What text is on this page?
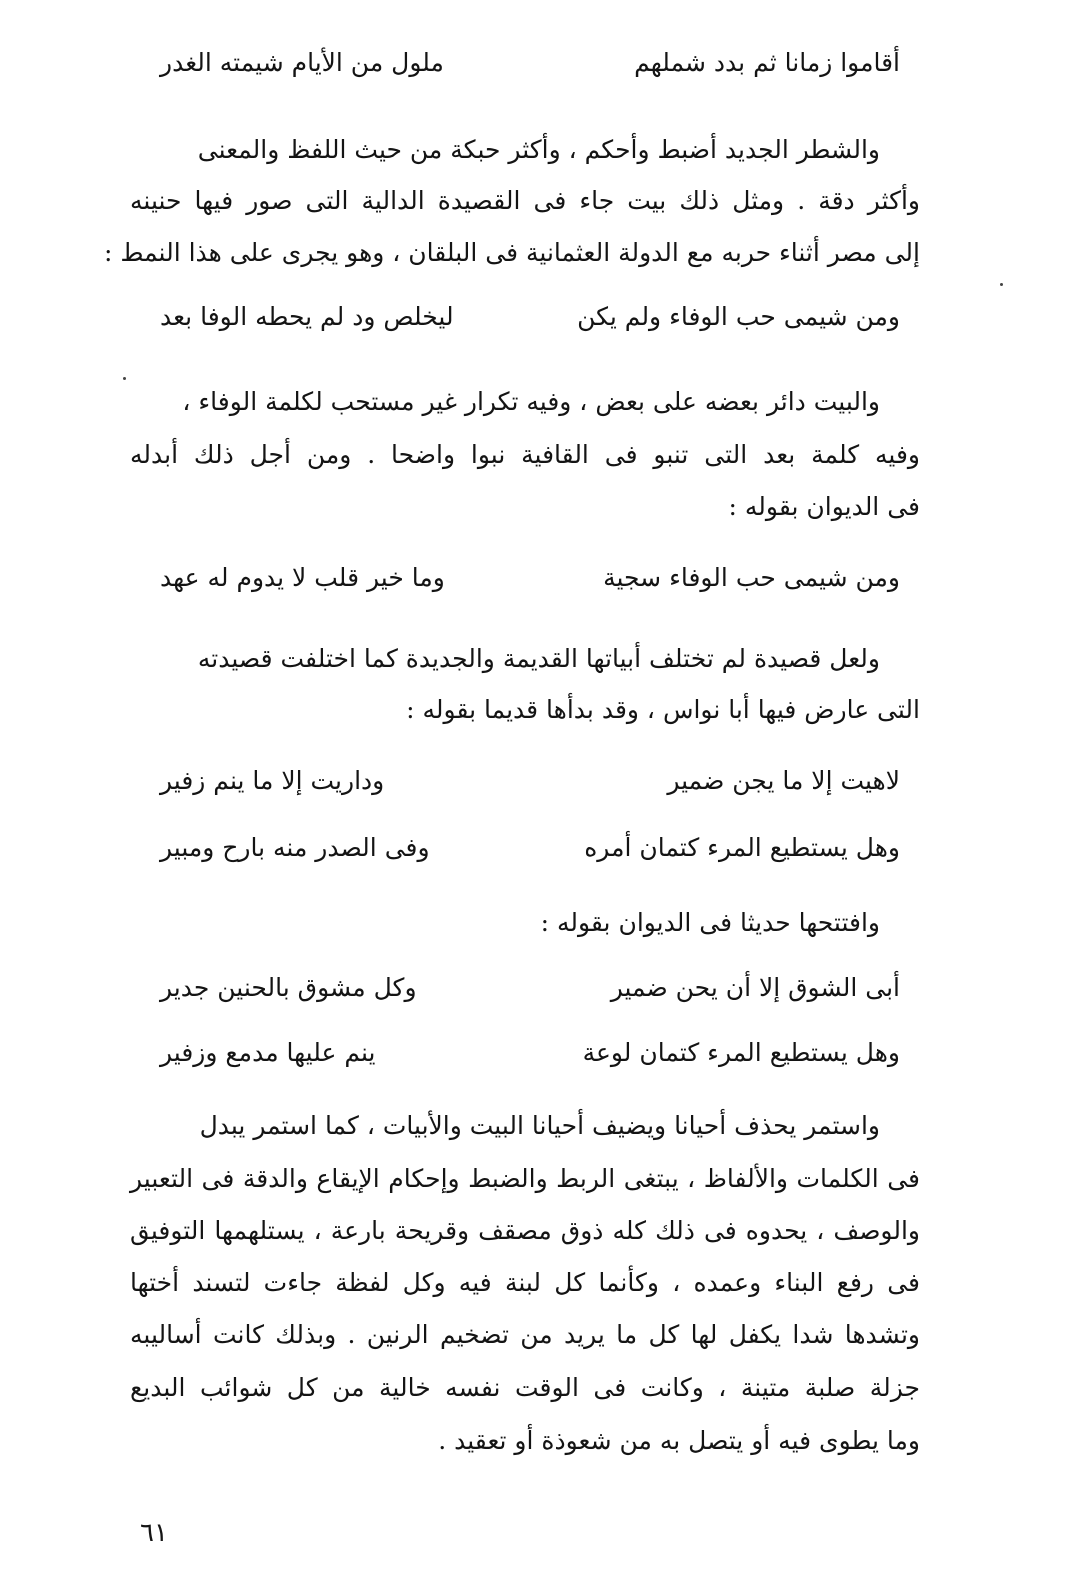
أقاموا زمانا ثم بدد شملهم
ملول من الأيام شيمته الغدر
والشطر الجديد أضبط وأحكم ، وأكثر حبكة من حيث اللفظ والمعنى
وأكثر دقة . ومثل ذلك بيت جاء فى القصيدة الدالية التى صور فيها حنينه
إلى مصر أثناء حربه مع الدولة العثمانية فى البلقان ، وهو يجرى على هذا النمط :
ومن شيمى حب الوفاء ولم يكن
ليخلص ود لم يحطه الوفا بعد
والبيت دائر بعضه على بعض ، وفيه تكرار غير مستحب لكلمة الوفاء ،
وفيه كلمة بعد التى تنبو فى القافية نبوا واضحا . ومن أجل ذلك أبدله
فى الديوان بقوله :
ومن شيمى حب الوفاء سجية
وما خير قلب لا يدوم له عهد
ولعل قصيدة لم تختلف أبياتها القديمة والجديدة كما اختلفت قصيدته
التى عارض فيها أبا نواس ، وقد بدأها قديما بقوله :
لاهيت إلا ما يجن ضمير
وداريت إلا ما ينم زفير
وهل يستطيع المرء كتمان أمره
وفى الصدر منه بارح ومبير
وافتتحها حديثا فى الديوان بقوله :
أبى الشوق إلا أن يحن ضمير
وكل مشوق بالحنين جدير
وهل يستطيع المرء كتمان لوعة
ينم عليها مدمع وزفير
واستمر يحذف أحيانا ويضيف أحيانا البيت والأبيات ، كما استمر يبدل
فى الكلمات والألفاظ ، يبتغى الربط والضبط وإحكام الإيقاع والدقة فى التعبير
والوصف ، يحدوه فى ذلك كله ذوق مصقف وقريحة بارعة ، يستلهمها التوفيق
فى رفع البناء وعمده ، وكأنما كل لبنة فيه وكل لفظة جاءت لتسند أختها
وتشدها شدا يكفل لها كل ما يريد من تضخيم الرنين . وبذلك كانت أساليبه
جزلة صلبة متينة ، وكانت فى الوقت نفسه خالية من كل شوائب البديع
وما يطوى فيه أو يتصل به من شعوذة أو تعقيد .
٦١
